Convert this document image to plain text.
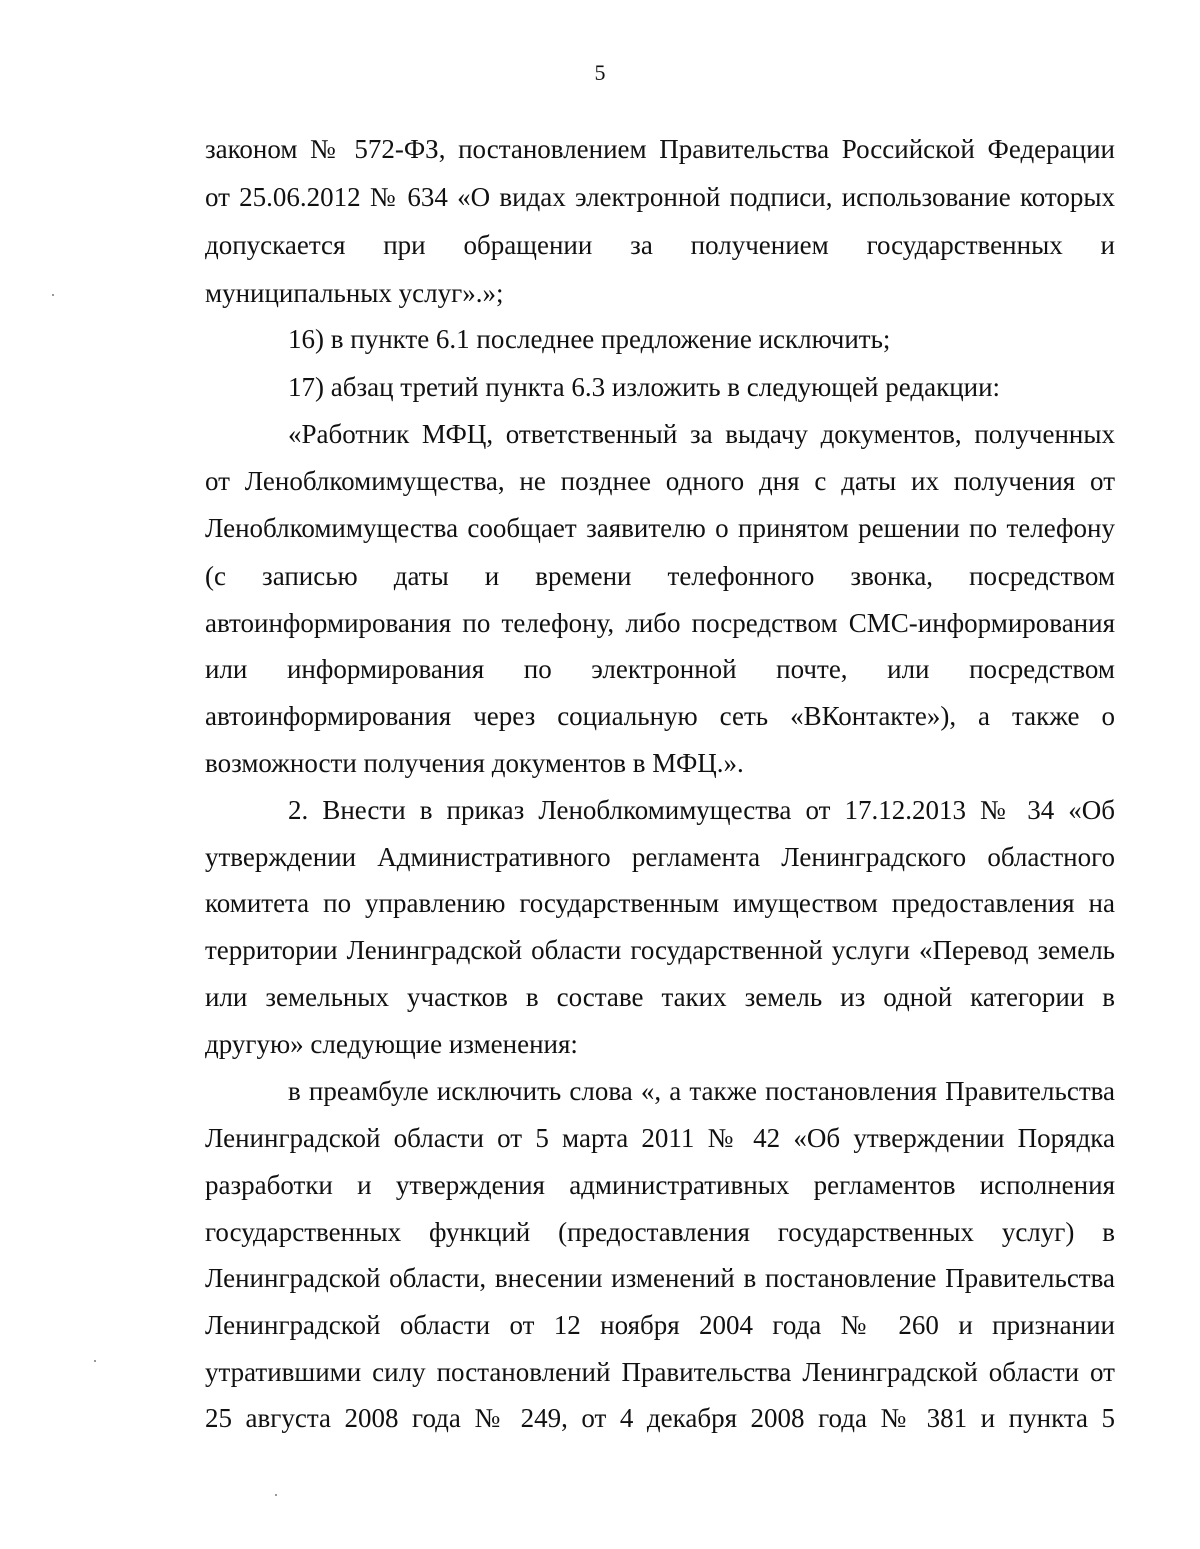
5
законом № 572-ФЗ, постановлением Правительства Российской Федерации
от 25.06.2012 № 634 «О видах электронной подписи, использование которых
допускается при обращении за получением государственных и
муниципальных услуг».»;
16) в пункте 6.1 последнее предложение исключить;
17) абзац третий пункта 6.3 изложить в следующей редакции:
«Работник МФЦ, ответственный за выдачу документов, полученных
от Леноблкомимущества, не позднее одного дня с даты их получения от
Леноблкомимущества сообщает заявителю о принятом решении по телефону
(с записью даты и времени телефонного звонка, посредством
автоинформирования по телефону, либо посредством СМС-информирования
или информирования по электронной почте, или посредством
автоинформирования через социальную сеть «ВКонтакте»), а также о
возможности получения документов в МФЦ.».
2. Внести в приказ Леноблкомимущества от 17.12.2013 № 34 «Об
утверждении Административного регламента Ленинградского областного
комитета по управлению государственным имуществом предоставления на
территории Ленинградской области государственной услуги «Перевод земель
или земельных участков в составе таких земель из одной категории в
другую» следующие изменения:
в преамбуле исключить слова «, а также постановления Правительства
Ленинградской области от 5 марта 2011 № 42 «Об утверждении Порядка
разработки и утверждения административных регламентов исполнения
государственных функций (предоставления государственных услуг) в
Ленинградской области, внесении изменений в постановление Правительства
Ленинградской области от 12 ноября 2004 года № 260 и признании
утратившими силу постановлений Правительства Ленинградской области от
25 августа 2008 года № 249, от 4 декабря 2008 года № 381 и пункта 5
